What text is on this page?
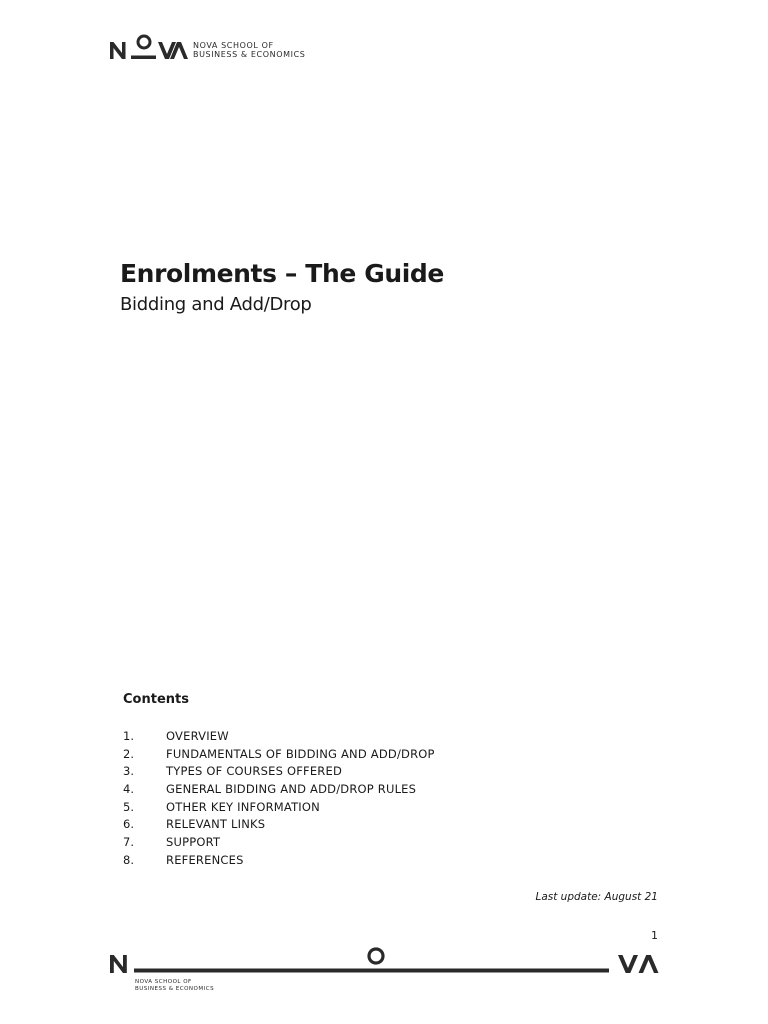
NOVA SCHOOL OF
BUSINESS & ECONOMICS
Enrolments – The Guide
Bidding and Add/Drop
Contents
1.	OVERVIEW
2.	FUNDAMENTALS OF BIDDING AND ADD/DROP
3.	TYPES OF COURSES OFFERED
4.	GENERAL BIDDING AND ADD/DROP RULES
5.	OTHER KEY INFORMATION
6.	RELEVANT LINKS
7.	SUPPORT
8.	REFERENCES
Last update: August 21
1
NOVA SCHOOL OF
BUSINESS & ECONOMICS
